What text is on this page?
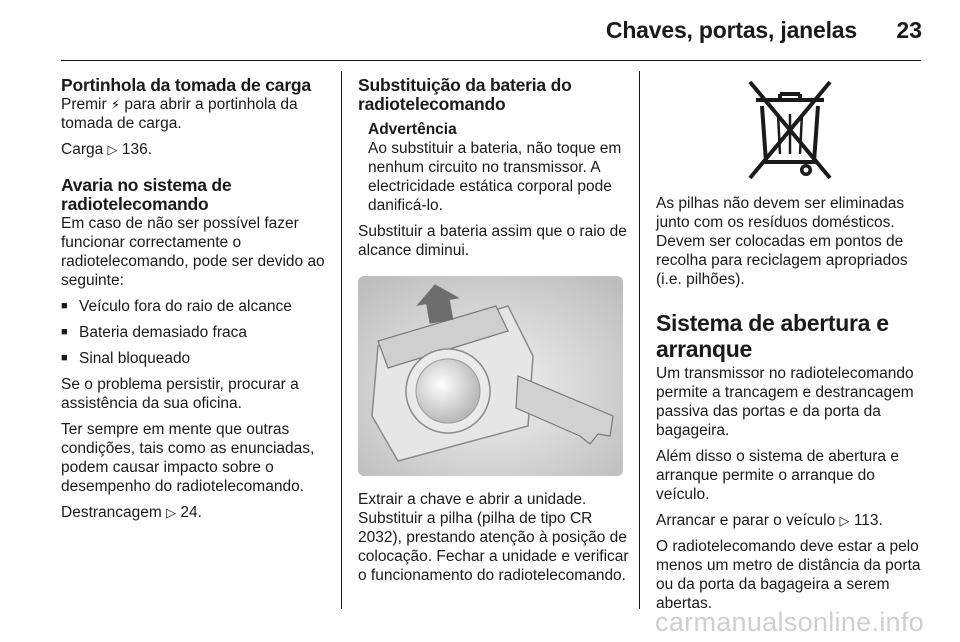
Chaves, portas, janelas 23
Portinhola da tomada de carga

Premir ⚡ para abrir a portinhola da tomada de carga.

Carga ▷ 136.

Avaria no sistema de radiotelecomando

Em caso de não ser possível fazer funcionar correctamente o radiotelecomando, pode ser devido ao seguinte:

■ Veículo fora do raio de alcance
■ Bateria demasiado fraca
■ Sinal bloqueado

Se o problema persistir, procurar a assistência da sua oficina.

Ter sempre em mente que outras condições, tais como as enunciadas, podem causar impacto sobre o desempenho do radiotelecomando.

Destrancagem ▷ 24.

Substituição da bateria do radiotelecomando
Advertência
Ao substituir a bateria, não toque em nenhum circuito no transmissor. A electricidade estática corporal pode danificá-lo.

Substituir a bateria assim que o raio de alcance diminui.

Extrair a chave e abrir a unidade. Substituir a pilha (pilha de tipo CR 2032), prestando atenção à posição de colocação. Fechar a unidade e verificar o funcionamento do radiotelecomando.

As pilhas não devem ser eliminadas junto com os resíduos domésticos. Devem ser colocadas em pontos de recolha para reciclagem apropriados (i.e. pilhões).

Sistema de abertura e arranque

Um transmissor no radiotelecomando permite a trancagem e destrancagem passiva das portas e da porta da bagageira.

Além disso o sistema de abertura e arranque permite o arranque do veículo.

Arrancar e parar o veículo ▷ 113.

O radiotelecomando deve estar a pelo menos um metro de distância da porta ou da porta da bagageira a serem abertas.

carmanualsonline.info
